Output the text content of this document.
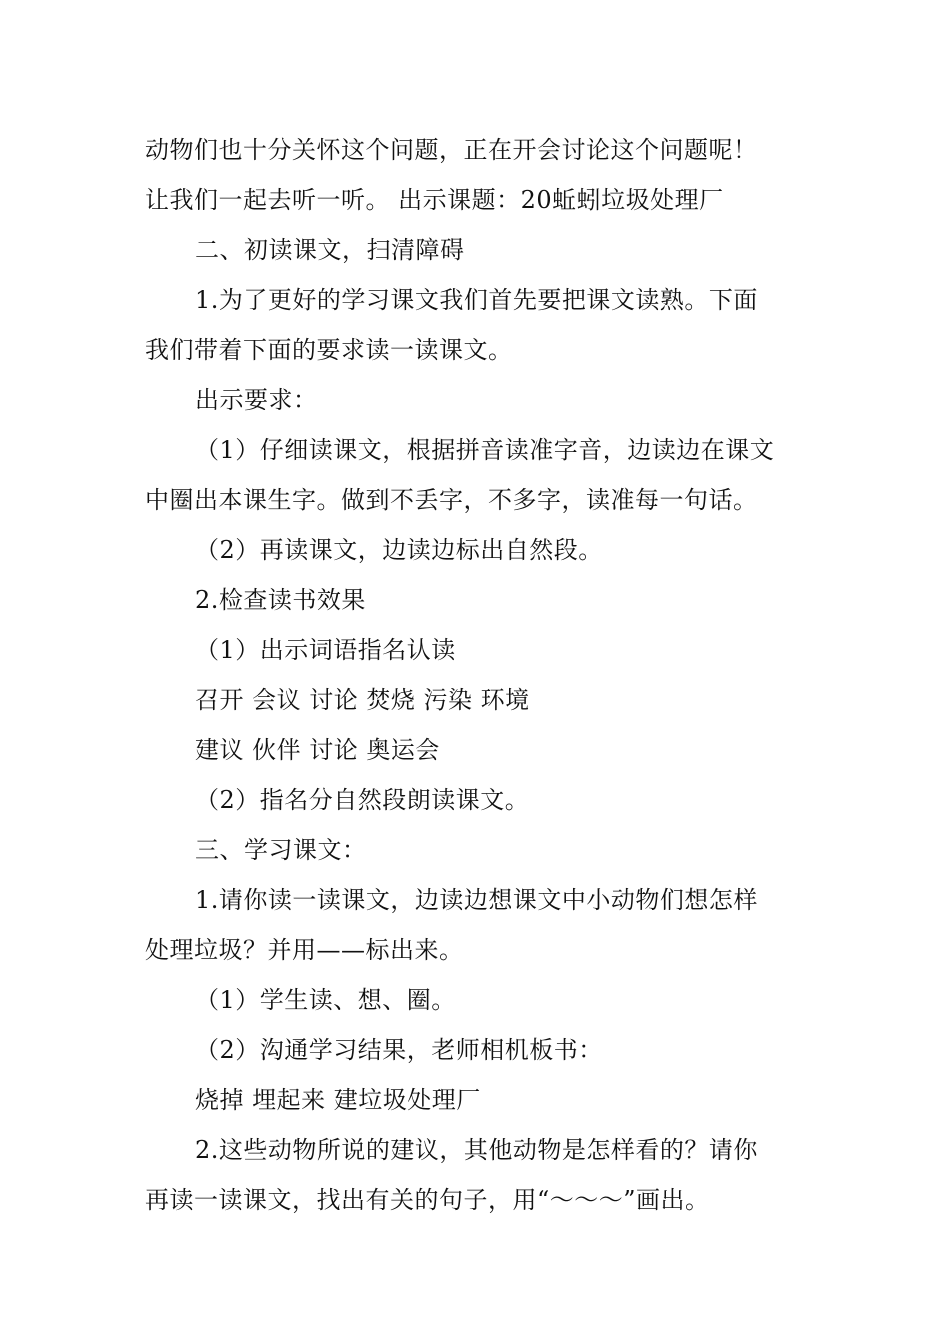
动物们也十分关怀这个问题，正在开会讨论这个问题呢！
让我们一起去听一听。 出示课题：20蚯蚓垃圾处理厂
二、初读课文，扫清障碍
1.为了更好的学习课文我们首先要把课文读熟。下面
我们带着下面的要求读一读课文。
出示要求：
（1）仔细读课文，根据拼音读准字音，边读边在课文
中圈出本课生字。做到不丢字，不多字，读准每一句话。
（2）再读课文，边读边标出自然段。
2.检查读书效果
（1）出示词语指名认读
召开 会议 讨论 焚烧 污染 环境
建议 伙伴 讨论 奥运会
（2）指名分自然段朗读课文。
三、学习课文：
1.请你读一读课文，边读边想课文中小动物们想怎样
处理垃圾？并用——标出来。
（1）学生读、想、圈。
（2）沟通学习结果，老师相机板书：
烧掉 埋起来 建垃圾处理厂
2.这些动物所说的建议，其他动物是怎样看的？请你
再读一读课文，找出有关的句子，用“～～～”画出。
